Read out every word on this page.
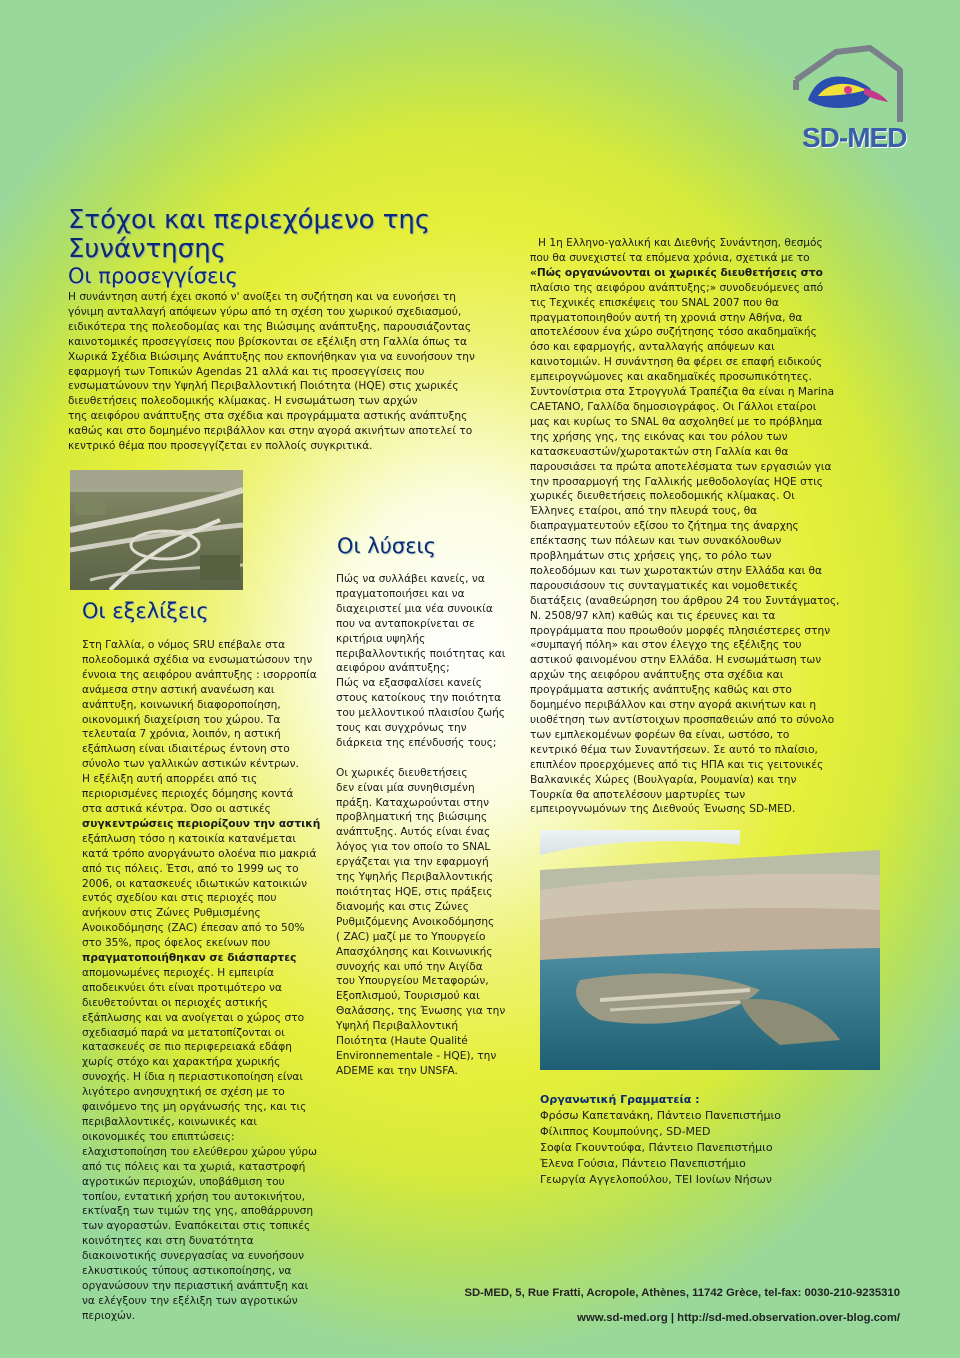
SD-MED
Στόχοι και περιεχόμενο της
Συνάντησης
Οι προσεγγίσεις
Η συνάντηση αυτή έχει σκοπό ν' ανοίξει τη συζήτηση και να ευνοήσει τη
γόνιμη ανταλλαγή απόψεων γύρω από τη σχέση του χωρικού σχεδιασμού,
ειδικότερα της πολεοδομίας και της Βιώσιμης ανάπτυξης, παρουσιάζοντας
καινοτομικές προσεγγίσεις που βρίσκονται σε εξέλιξη στη Γαλλία όπως τα
Χωρικά Σχέδια Βιώσιμης Ανάπτυξης που εκπονήθηκαν για να ευνοήσουν την
εφαρμογή των Τοπικών Agendas 21 αλλά και τις προσεγγίσεις που
ενσωματώνουν την Υψηλή Περιβαλλοντική Ποιότητα (HQE) στις χωρικές
διευθετήσεις πολεοδομικής κλίμακας. Η ενσωμάτωση των αρχών
της αειφόρου ανάπτυξης στα σχέδια και προγράμματα αστικής ανάπτυξης
καθώς και στο δομημένο περιβάλλον και στην αγορά ακινήτων αποτελεί το
κεντρικό θέμα που προσεγγίζεται εν πολλοίς συγκριτικά.
Οι εξελίξεις
Στη Γαλλία, ο νόμος SRU επέβαλε στα
πολεοδομικά σχέδια να ενσωματώσουν την
έννοια της αειφόρου ανάπτυξης : ισορροπία
ανάμεσα στην αστική ανανέωση και
ανάπτυξη, κοινωνική διαφοροποίηση,
οικονομική διαχείριση του χώρου. Τα
τελευταία 7 χρόνια, λοιπόν, η αστική
εξάπλωση είναι ιδιαιτέρως έντονη στο
σύνολο των γαλλικών αστικών κέντρων.
Η εξέλιξη αυτή απορρέει από τις
περιορισμένες περιοχές δόμησης κοντά
στα αστικά κέντρα. Όσο οι αστικές
συγκεντρώσεις περιορίζουν την αστική
εξάπλωση τόσο η κατοικία κατανέμεται
κατά τρόπο ανοργάνωτο ολοένα πιο μακριά
από τις πόλεις. Έτσι, από το 1999 ως το
2006, οι κατασκευές ιδιωτικών κατοικιών
εντός σχεδίου και στις περιοχές που
ανήκουν στις Ζώνες Ρυθμισμένης
Ανοικοδόμησης (ZAC) έπεσαν από το 50%
στο 35%, προς όφελος εκείνων που
πραγματοποιήθηκαν σε διάσπαρτες
απομονωμένες περιοχές. Η εμπειρία
αποδεικνύει ότι είναι προτιμότερο να
διευθετούνται οι περιοχές αστικής
εξάπλωσης και να ανοίγεται ο χώρος στο
σχεδιασμό παρά να μετατοπίζονται οι
κατασκευές σε πιο περιφερειακά εδάφη
χωρίς στόχο και χαρακτήρα χωρικής
συνοχής. Η ίδια η περιαστικοποίηση είναι
λιγότερο ανησυχητική σε σχέση με το
φαινόμενο της μη οργάνωσής της, και τις
περιβαλλοντικές, κοινωνικές και
οικονομικές του επιπτώσεις:
ελαχιστοποίηση του ελεύθερου χώρου γύρω
από τις πόλεις και τα χωριά, καταστροφή
αγροτικών περιοχών, υποβάθμιση του
τοπίου, εντατική χρήση του αυτοκινήτου,
εκτίναξη των τιμών της γης, αποθάρρυνση
των αγοραστών. Εναπόκειται στις τοπικές
κοινότητες και στη δυνατότητα
διακοινοτικής συνεργασίας να ευνοήσουν
ελκυστικούς τύπους αστικοποίησης, να
οργανώσουν την περιαστική ανάπτυξη και
να ελέγξουν την εξέλιξη των αγροτικών
περιοχών.
Οι λύσεις
Πώς να συλλάβει κανείς, να
πραγματοποιήσει και να
διαχειριστεί μια νέα συνοικία
που να ανταποκρίνεται σε
κριτήρια υψηλής
περιβαλλοντικής ποιότητας και
αειφόρου ανάπτυξης;
Πώς να εξασφαλίσει κανείς
στους κατοίκους την ποιότητα
του μελλοντικού πλαισίου ζωής
τους και συγχρόνως την
διάρκεια της επένδυσής τους;
Οι χωρικές διευθετήσεις
δεν είναι μία συνηθισμένη
πράξη. Καταχωρούνται στην
προβληματική της βιώσιμης
ανάπτυξης. Αυτός είναι ένας
λόγος για τον οποίο το SNAL
εργάζεται για την εφαρμογή
της Υψηλής Περιβαλλοντικής
ποιότητας HQE, στις πράξεις
διανομής και στις Ζώνες
Ρυθμιζόμενης Ανοικοδόμησης
( ZAC) μαζί με το Υπουργείο
Απασχόλησης και Κοινωνικής
συνοχής και υπό την Αιγίδα
του Υπουργείου Μεταφορών,
Εξοπλισμού, Τουρισμού και
Θαλάσσης, της Ένωσης για την
Υψηλή Περιβαλλοντική
Ποιότητα (Haute Qualité
Environnementale - HQE), την
ADEME και την UNSFA.
Η 1η Ελληνο-γαλλική και Διεθνής Συνάντηση, θεσμός
που θα συνεχιστεί τα επόμενα χρόνια, σχετικά με το
«Πώς οργανώνονται οι χωρικές διευθετήσεις στο
πλαίσιο της αειφόρου ανάπτυξης;» συνοδευόμενες από
τις Τεχνικές επισκέψεις του SNAL 2007 που θα
πραγματοποιηθούν αυτή τη χρονιά στην Αθήνα, θα
αποτελέσουν ένα χώρο συζήτησης τόσο ακαδημαϊκής
όσο και εφαρμογής, ανταλλαγής απόψεων και
καινοτομιών. Η συνάντηση θα φέρει σε επαφή ειδικούς
εμπειρογνώμονες και ακαδημαϊκές προσωπικότητες.
Συντονίστρια στα Στρογγυλά Τραπέζια θα είναι η Marina
CAETANO, Γαλλίδα δημοσιογράφος. Οι Γάλλοι εταίροι
μας και κυρίως το SNAL θα ασχοληθεί με το πρόβλημα
της χρήσης γης, της εικόνας και του ρόλου των
κατασκευαστών/χωροτακτών στη Γαλλία και θα
παρουσιάσει τα πρώτα αποτελέσματα των εργασιών για
την προσαρμογή της Γαλλικής μεθοδολογίας HQE στις
χωρικές διευθετήσεις πολεοδομικής κλίμακας. Οι
Έλληνες εταίροι, από την πλευρά τους, θα
διαπραγματευτούν εξίσου το ζήτημα της άναρχης
επέκτασης των πόλεων και των συνακόλουθων
προβλημάτων στις χρήσεις γης, το ρόλο των
πολεοδόμων και των χωροτακτών στην Ελλάδα και θα
παρουσιάσουν τις συνταγματικές και νομοθετικές
διατάξεις (αναθεώρηση του άρθρου 24 του Συντάγματος,
Ν. 2508/97 κλπ) καθώς και τις έρευνες και τα
προγράμματα που προωθούν μορφές πλησιέστερες στην
«συμπαγή πόλη» και στον έλεγχο της εξέλιξης του
αστικού φαινομένου στην Ελλάδα. Η ενσωμάτωση των
αρχών της αειφόρου ανάπτυξης στα σχέδια και
προγράμματα αστικής ανάπτυξης καθώς και στο
δομημένο περιβάλλον και στην αγορά ακινήτων και η
υιοθέτηση των αντίστοιχων προσπαθειών από το σύνολο
των εμπλεκομένων φορέων θα είναι, ωστόσο, το
κεντρικό θέμα των Συναντήσεων. Σε αυτό το πλαίσιο,
επιπλέον προερχόμενες από τις ΗΠΑ και τις γειτονικές
Βαλκανικές Χώρες (Βουλγαρία, Ρουμανία) και την
Τουρκία θα αποτελέσουν μαρτυρίες των
εμπειρογνωμόνων της Διεθνούς Ένωσης SD-MED.
Οργανωτική Γραμματεία :
Φρόσω Καπετανάκη, Πάντειο Πανεπιστήμιο
Φίλιππος Κουμπούνης, SD-MED
Σοφία Γκουντούφα, Πάντειο Πανεπιστήμιο
Έλενα Γούσια, Πάντειο Πανεπιστήμιο
Γεωργία Αγγελοπούλου, ΤΕΙ Ιονίων Νήσων
SD-MED, 5, Rue Fratti, Acropole, Athènes, 11742 Grèce, tel-fax: 0030-210-9235310
www.sd-med.org | http://sd-med.observation.over-blog.com/
